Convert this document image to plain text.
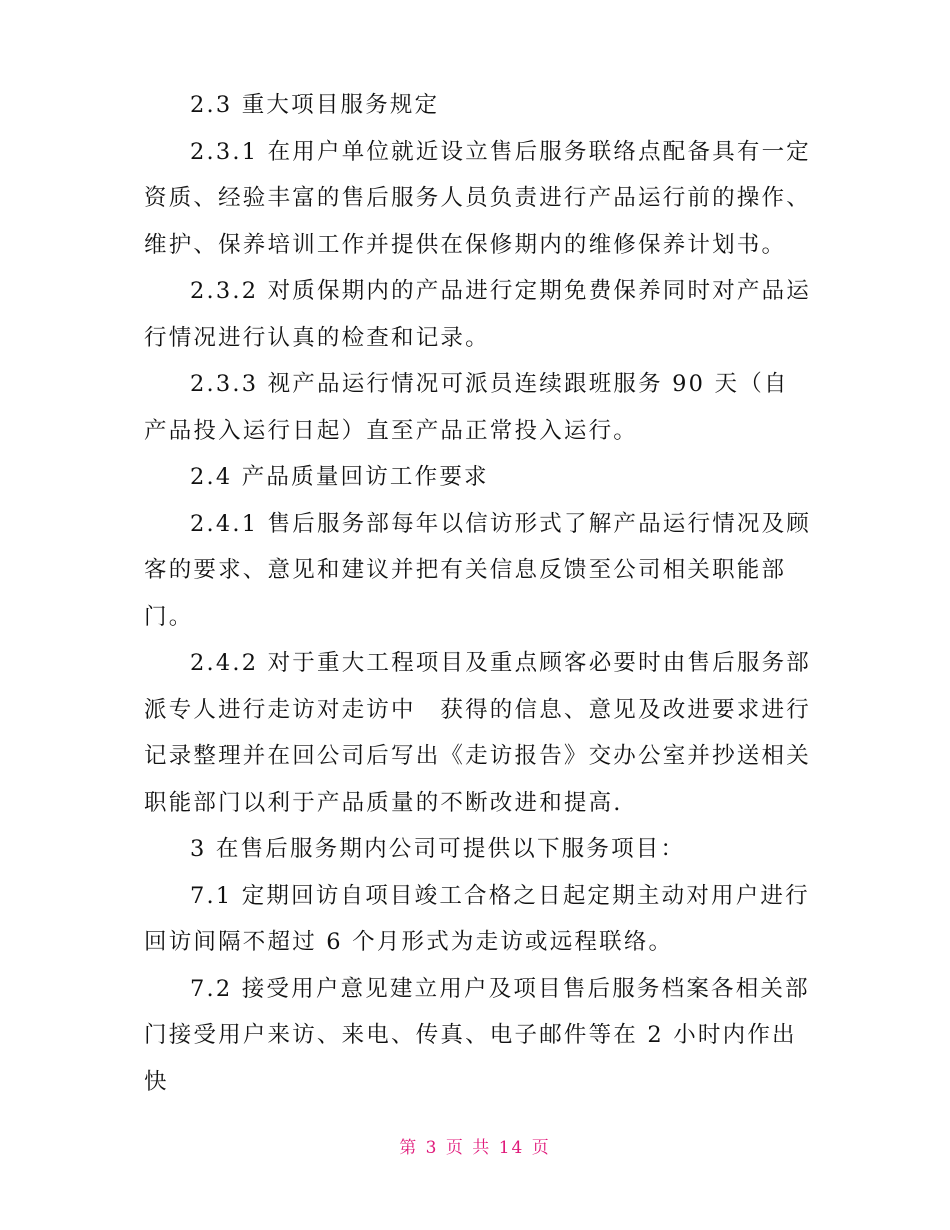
2.3 重大项目服务规定

2.3.1 在用户单位就近设立售后服务联络点配备具有一定资质、经验丰富的售后服务人员负责进行产品运行前的操作、维护、保养培训工作并提供在保修期内的维修保养计划书。

2.3.2 对质保期内的产品进行定期免费保养同时对产品运行情况进行认真的检查和记录。

2.3.3 视产品运行情况可派员连续跟班服务 90 天（自产品投入运行日起）直至产品正常投入运行。

2.4 产品质量回访工作要求

2.4.1 售后服务部每年以信访形式了解产品运行情况及顾客的要求、意见和建议并把有关信息反馈至公司相关职能部门。

2.4.2 对于重大工程项目及重点顾客必要时由售后服务部派专人进行走访对走访中　获得的信息、意见及改进要求进行记录整理并在回公司后写出《走访报告》交办公室并抄送相关职能部门以利于产品质量的不断改进和提高.

3 在售后服务期内公司可提供以下服务项目：

7.1 定期回访自项目竣工合格之日起定期主动对用户进行回访间隔不超过 6 个月形式为走访或远程联络。

7.2 接受用户意见建立用户及项目售后服务档案各相关部门接受用户来访、来电、传真、电子邮件等在 2 小时内作出快

第 3 页 共 14 页
